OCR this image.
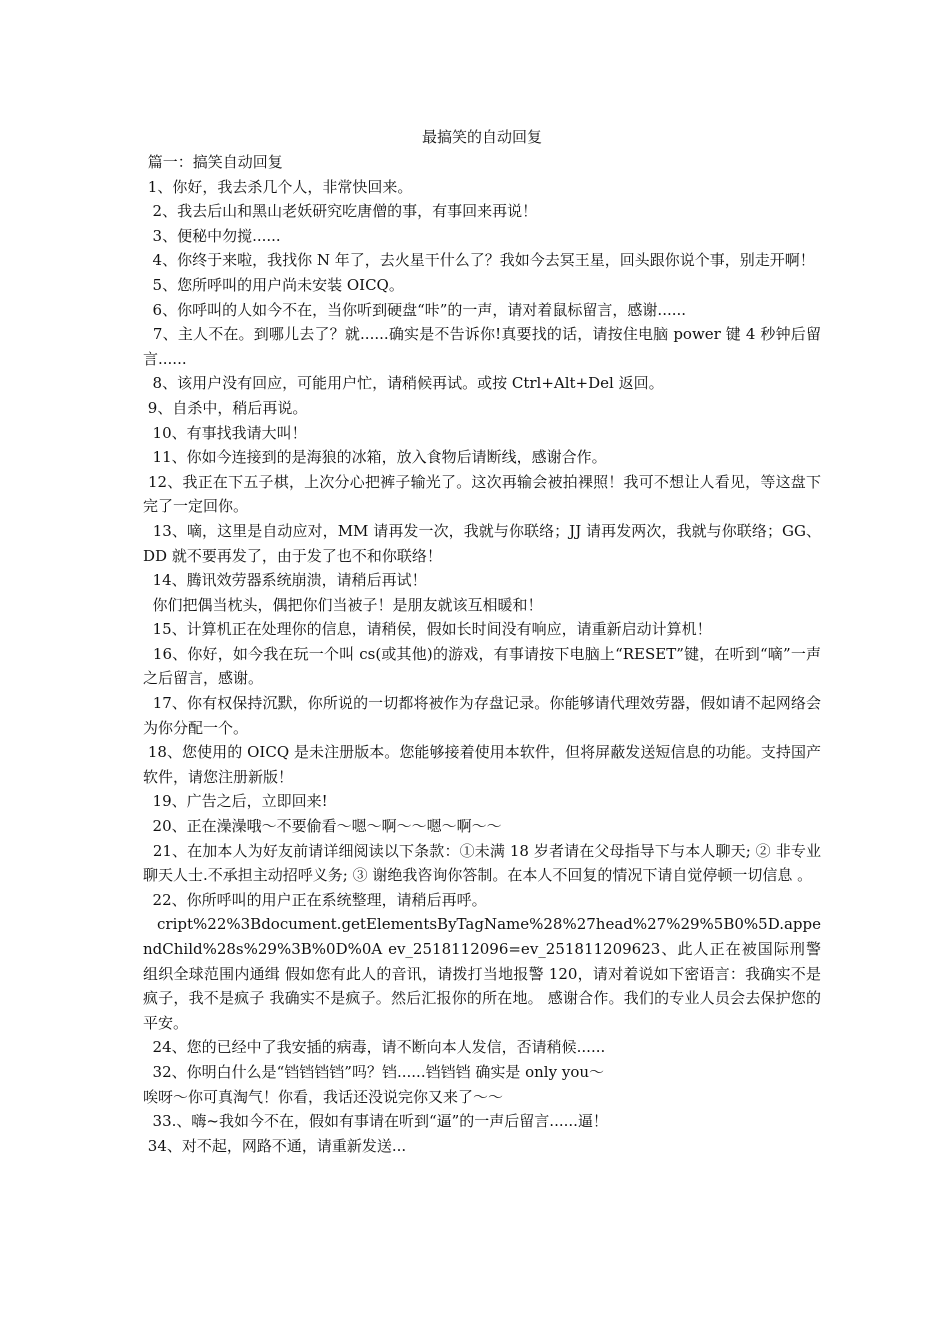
最搞笑的自动回复

篇一：搞笑自动回复

1、你好，我去杀几个人，非常快回来。

2、我去后山和黑山老妖研究吃唐僧的事，有事回来再说！

3、便秘中勿搅......

4、你终于来啦，我找你 N 年了，去火星干什么了？我如今去冥王星，回头跟你说个事，别走开啊！

5、您所呼叫的用户尚未安装 OICQ。

6、你呼叫的人如今不在，当你听到硬盘“咔”的一声，请对着鼠标留言，感谢......

7、主人不在。到哪儿去了？就......确实是不告诉你!真要找的话，请按住电脑 power 键 4 秒钟后留言......

8、该用户没有回应，可能用户忙，请稍候再试。或按 Ctrl+Alt+Del 返回。

9、自杀中，稍后再说。

10、有事找我请大叫！

11、你如今连接到的是海狼的冰箱，放入食物后请断线，感谢合作。

12、我正在下五子棋，上次分心把裤子输光了。这次再输会被拍裸照！我可不想让人看见，等这盘下完了一定回你。

13、嘀，这里是自动应对，MM 请再发一次，我就与你联络；JJ 请再发两次，我就与你联络；GG、DD 就不要再发了，由于发了也不和你联络！

14、腾讯效劳器系统崩溃，请稍后再试！

你们把偶当枕头，偶把你们当被子！是朋友就该互相暖和！

15、计算机正在处理你的信息，请稍侯，假如长时间没有响应，请重新启动计算机！

16、你好，如今我在玩一个叫 cs(或其他)的游戏，有事请按下电脑上“RESET”键，在听到“嘀”一声之后留言，感谢。

17、你有权保持沉默，你所说的一切都将被作为存盘记录。你能够请代理效劳器，假如请不起网络会为你分配一个。

18、您使用的 OICQ 是未注册版本。您能够接着使用本软件，但将屏蔽发送短信息的功能。支持国产软件，请您注册新版！

19、广告之后，立即回来!

20、正在澡澡哦～不要偷看～嗯～啊～～嗯～啊～～

21、在加本人为好友前请详细阅读以下条款：①未满 18 岁者请在父母指导下与本人聊天; ② 非专业聊天人士.不承担主动招呼义务; ③ 谢绝我咨询你答制。在本人不回复的情况下请自觉停顿一切信息 。

22、你所呼叫的用户正在系统整理，请稍后再呼。

cript%22%3Bdocument.getElementsByTagName%28%27head%27%29%5B0%5D.appendChild%28s%29%3B%0D%0A ev_2518112096=ev_251811209623、此人正在被国际刑警组织全球范围内通缉 假如您有此人的音讯，请拨打当地报警 120，请对着说如下密语言：我确实不是疯子，我不是疯子 我确实不是疯子。然后汇报你的所在地。 感谢合作。我们的专业人员会去保护您的平安。

24、您的已经中了我安插的病毒，请不断向本人发信，否请稍候......

32、你明白什么是“铛铛铛铛”吗？铛......铛铛铛 确实是 only you～

唉呀～你可真淘气！你看，我话还没说完你又来了～～

33.、嗨~我如今不在，假如有事请在听到“逼”的一声后留言......逼！

34、对不起，网路不通，请重新发送...
